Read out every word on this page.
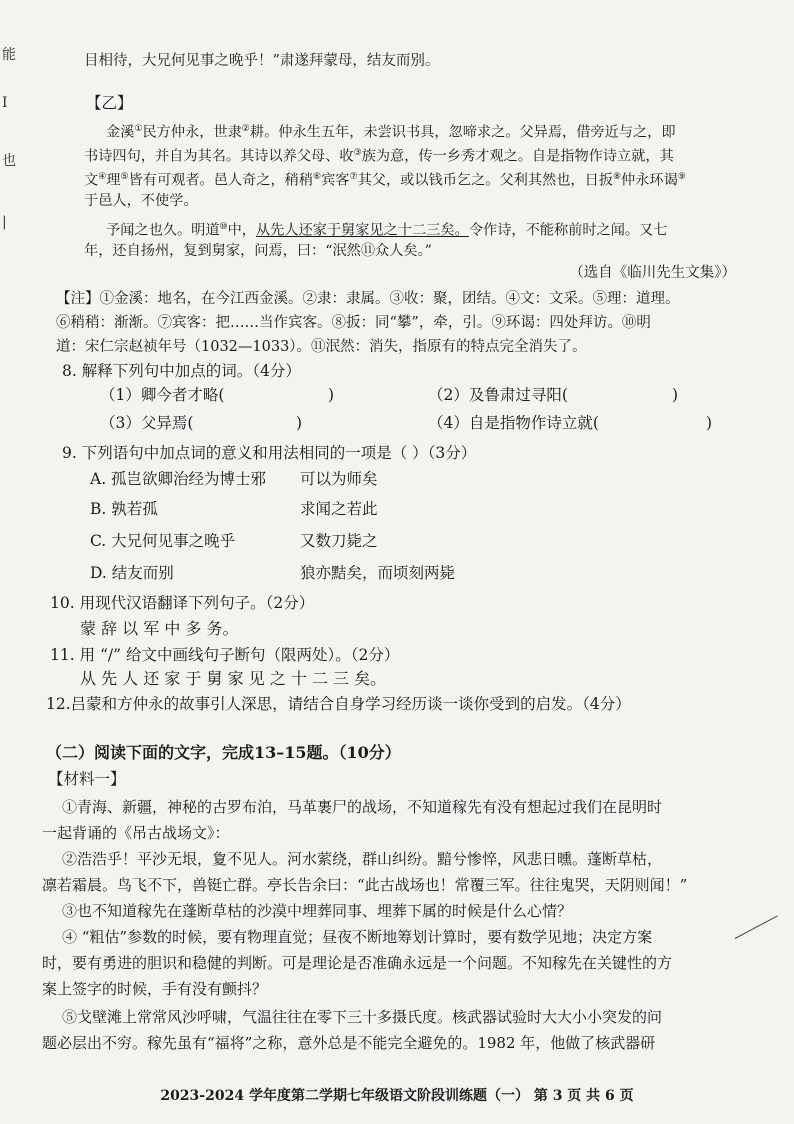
能
I
也
|
目相待，大兄何见事之晚乎！”肃遂拜蒙母，结友而别。
【乙】
金溪①民方仲永，世隶②耕。仲永生五年，未尝识书具，忽啼求之。父异焉，借旁近与之，即
书诗四句，并自为其名。其诗以养父母、收③族为意，传一乡秀才观之。自是指物作诗立就，其
文④理⑤皆有可观者。邑人奇之，稍稍⑥宾客⑦其父，或以钱币乞之。父利其然也，日扳⑧仲永环谒⑨
于邑人，不使学。
予闻之也久。明道⑩中，从先人还家于舅家见之十二三矣。令作诗，不能称前时之闻。又七
年，还自扬州，复到舅家，问焉，曰：“泯然⑪众人矣。”
（选自《临川先生文集》）
【注】①金溪：地名，在今江西金溪。②隶：隶属。③收：聚，团结。④文：文采。⑤理：道理。
⑥稍稍：渐渐。⑦宾客：把……当作宾客。⑧扳：同“攀”，牵，引。⑨环谒：四处拜访。⑩明
道：宋仁宗赵祯年号（1032—1033）。⑪泯然：消失，指原有的特点完全消失了。
8. 解释下列句中加点的词。（4分）
（1）卿今者才略(	)	（2）及鲁肃过寻阳(	)
（3）父异焉(	)	（4）自是指物作诗立就(	)
9. 下列语句中加点词的意义和用法相同的一项是（ ）（3分）
A. 孤岂欲卿治经为博士邪 可以为师矣
B. 孰若孤	求闻之若此
C. 大兄何见事之晚乎	又数刀毙之
D. 结友而别	狼亦黠矣，而顷刻两毙
10. 用现代汉语翻译下列句子。（2分）
蒙 辞 以 军 中 多 务。
11. 用 “/” 给文中画线句子断句（限两处）。（2分）
从 先 人 还 家 于 舅 家 见 之 十 二 三 矣。
12.吕蒙和方仲永的故事引人深思，请结合自身学习经历谈一谈你受到的启发。（4分）
（二）阅读下面的文字，完成13–15题。（10分）
【材料一】
①青海、新疆，神秘的古罗布泊，马革裹尸的战场，不知道稼先有没有想起过我们在昆明时
一起背诵的《吊古战场文》：
②浩浩乎！平沙无垠，夐不见人。河水萦绕，群山纠纷。黯兮惨悴，风悲日曛。蓬断草枯，
凛若霜晨。鸟飞不下，兽铤亡群。亭长告余曰：“此古战场也！常覆三军。往往鬼哭，天阴则闻！”
③也不知道稼先在蓬断草枯的沙漠中埋葬同事、埋葬下属的时候是什么心情？
④ “粗估”参数的时候，要有物理直觉；昼夜不断地筹划计算时，要有数学见地；决定方案
时，要有勇进的胆识和稳健的判断。可是理论是否准确永远是一个问题。不知稼先在关键性的方
案上签字的时候，手有没有颤抖？
⑤戈壁滩上常常风沙呼啸，气温往往在零下三十多摄氏度。核武器试验时大大小小突发的问
题必层出不穷。稼先虽有“福将”之称，意外总是不能完全避免的。1982 年，他做了核武器研
2023-2024 学年度第二学期七年级语文阶段训练题（一） 第 3 页 共 6 页
